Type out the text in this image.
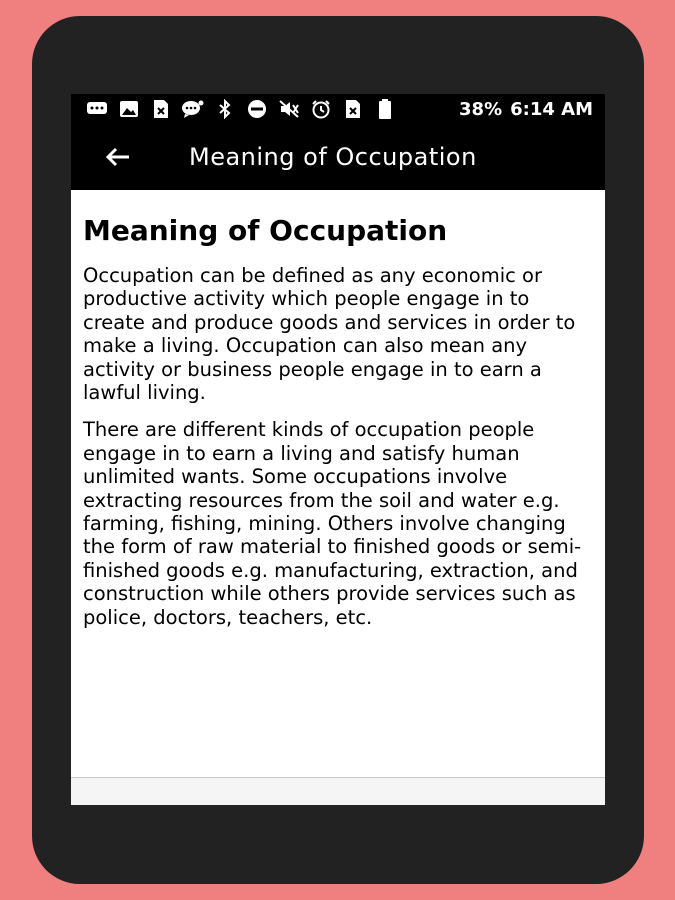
38% 6:14 AM
Meaning of Occupation
Meaning of Occupation

Occupation can be defined as any economic or productive activity which people engage in to create and produce goods and services in order to make a living. Occupation can also mean any activity or business people engage in to earn a lawful living.

There are different kinds of occupation people engage in to earn a living and satisfy human unlimited wants. Some occupations involve extracting resources from the soil and water e.g. farming, fishing, mining. Others involve changing the form of raw material to finished goods or semi-finished goods e.g. manufacturing, extraction, and construction while others provide services such as police, doctors, teachers, etc.
